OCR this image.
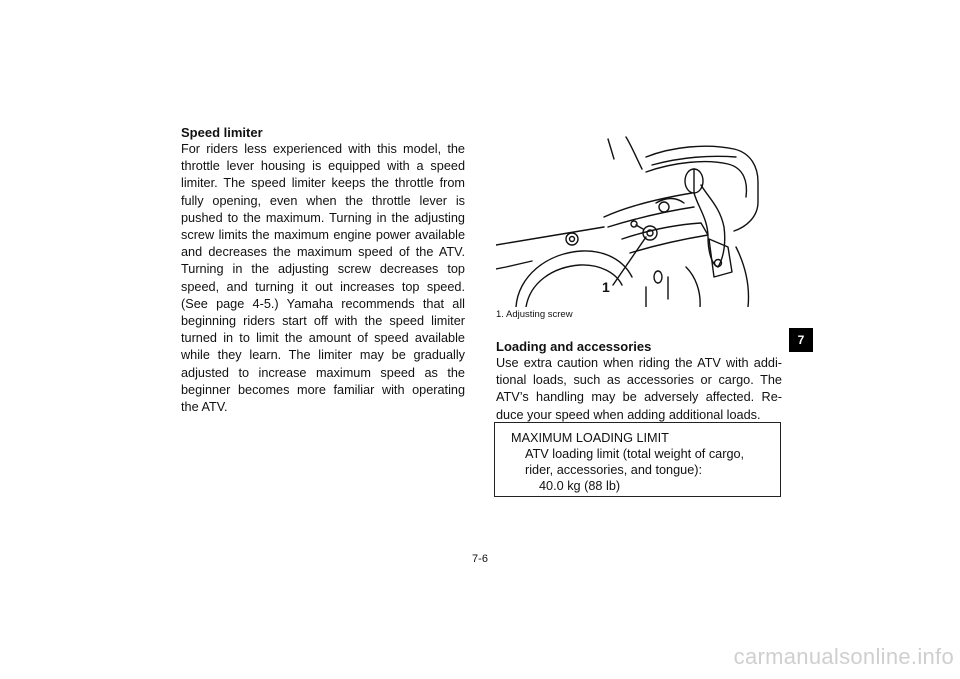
Speed limiter

For riders less experienced with this model, the throttle lever housing is equipped with a speed limiter. The speed limiter keeps the throttle from fully opening, even when the throttle lever is pushed to the maximum. Turning in the adjusting screw limits the maximum engine power available and decreases the maximum speed of the ATV. Turning in the adjusting screw decreases top speed, and turning it out increases top speed. (See page 4-5.) Yamaha recommends that all beginning riders start off with the speed limiter turned in to limit the amount of speed available while they learn. The limiter may be gradually adjusted to increase maximum speed as the beginner becomes more familiar with operating the ATV.

1
1. Adjusting screw

Loading and accessories

Use extra caution when riding the ATV with additional loads, such as accessories or cargo. The ATV’s handling may be adversely affected. Reduce your speed when adding additional loads.

MAXIMUM LOADING LIMIT
ATV loading limit (total weight of cargo, rider, accessories, and tongue):
40.0 kg (88 lb)
7
7-6
carmanualsonline.info
